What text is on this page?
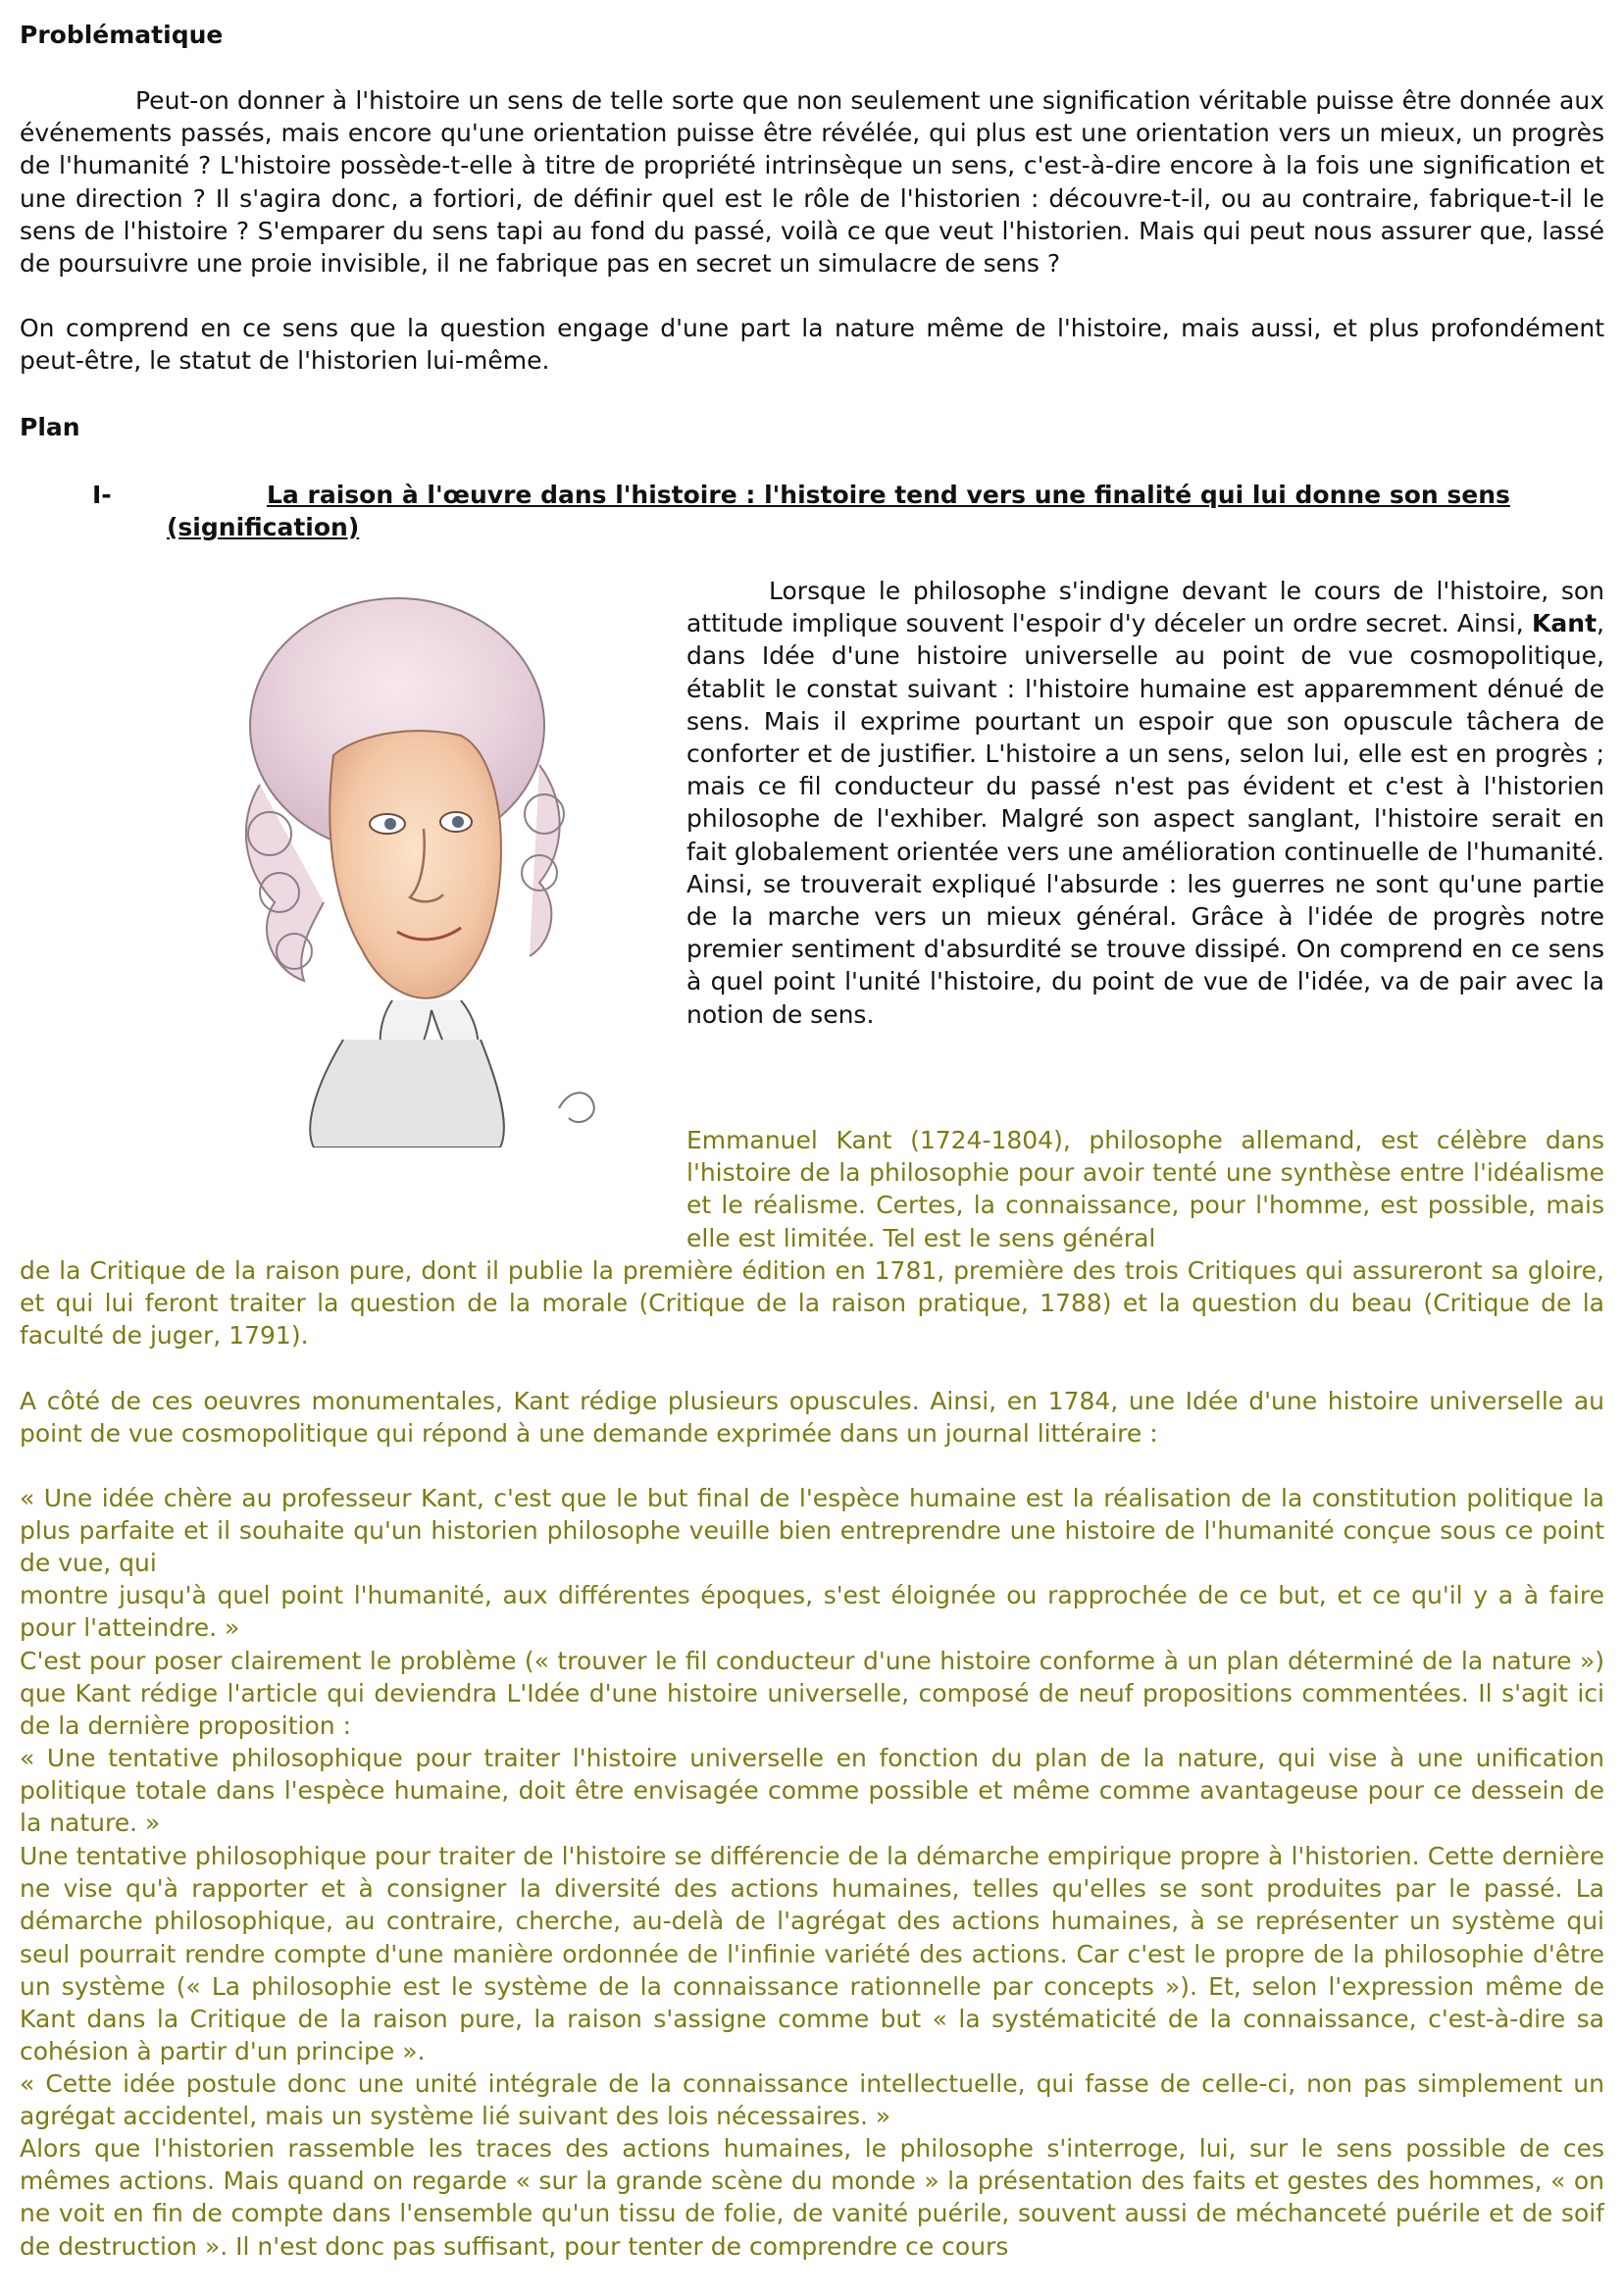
Problématique

Peut-on donner à l'histoire un sens de telle sorte que non seulement une signification véritable puisse être donnée aux événements passés, mais encore qu'une orientation puisse être révélée, qui plus est une orientation vers un mieux, un progrès de l'humanité ? L'histoire possède-t-elle à titre de propriété intrinsèque un sens, c'est-à-dire encore à la fois une signification et une direction ? Il s'agira donc, a fortiori, de définir quel est le rôle de l'historien : découvre-t-il, ou au contraire, fabrique-t-il le sens de l'histoire ? S'emparer du sens tapi au fond du passé, voilà ce que veut l'historien. Mais qui peut nous assurer que, lassé de poursuivre une proie invisible, il ne fabrique pas en secret un simulacre de sens ?

On comprend en ce sens que la question engage d'une part la nature même de l'histoire, mais aussi, et plus profondément peut-être, le statut de l'historien lui-même.

Plan
I-	La raison à l'œuvre dans l'histoire : l'histoire tend vers une finalité qui lui donne son sens (signification)

Lorsque le philosophe s'indigne devant le cours de l'histoire, son attitude implique souvent l'espoir d'y déceler un ordre secret. Ainsi, Kant, dans Idée d'une histoire universelle au point de vue cosmopolitique, établit le constat suivant : l'histoire humaine est apparemment dénué de sens. Mais il exprime pourtant un espoir que son opuscule tâchera de conforter et de justifier. L'histoire a un sens, selon lui, elle est en progrès ; mais ce fil conducteur du passé n'est pas évident et c'est à l'historien philosophe de l'exhiber. Malgré son aspect sanglant, l'histoire serait en fait globalement orientée vers une amélioration continuelle de l'humanité. Ainsi, se trouverait expliqué l'absurde : les guerres ne sont qu'une partie de la marche vers un mieux général. Grâce à l'idée de progrès notre premier sentiment d'absurdité se trouve dissipé. On comprend en ce sens à quel point l'unité l'histoire, du point de vue de l'idée, va de pair avec la notion de sens.

Emmanuel Kant (1724-1804), philosophe allemand, est célèbre dans l'histoire de la philosophie pour avoir tenté une synthèse entre l'idéalisme et le réalisme. Certes, la connaissance, pour l'homme, est possible, mais elle est limitée. Tel est le sens général

de la Critique de la raison pure, dont il publie la première édition en 1781, première des trois Critiques qui assureront sa gloire, et qui lui feront traiter la question de la morale (Critique de la raison pratique, 1788) et la question du beau (Critique de la faculté de juger, 1791).

A côté de ces oeuvres monumentales, Kant rédige plusieurs opuscules. Ainsi, en 1784, une Idée d'une histoire universelle au point de vue cosmopolitique qui répond à une demande exprimée dans un journal littéraire :

« Une idée chère au professeur Kant, c'est que le but final de l'espèce humaine est la réalisation de la constitution politique la plus parfaite et il souhaite qu'un historien philosophe veuille bien entreprendre une histoire de l'humanité conçue sous ce point de vue, qui

montre jusqu'à quel point l'humanité, aux différentes époques, s'est éloignée ou rapprochée de ce but, et ce qu'il y a à faire pour l'atteindre. »

C'est pour poser clairement le problème (« trouver le fil conducteur d'une histoire conforme à un plan déterminé de la nature ») que Kant rédige l'article qui deviendra L'Idée d'une histoire universelle, composé de neuf propositions commentées. Il s'agit ici de la dernière proposition :

« Une tentative philosophique pour traiter l'histoire universelle en fonction du plan de la nature, qui vise à une unification politique totale dans l'espèce humaine, doit être envisagée comme possible et même comme avantageuse pour ce dessein de la nature. »

Une tentative philosophique pour traiter de l'histoire se différencie de la démarche empirique propre à l'historien. Cette dernière ne vise qu'à rapporter et à consigner la diversité des actions humaines, telles qu'elles se sont produites par le passé. La démarche philosophique, au contraire, cherche, au-delà de l'agrégat des actions humaines, à se représenter un système qui seul pourrait rendre compte d'une manière ordonnée de l'infinie variété des actions. Car c'est le propre de la philosophie d'être un système (« La philosophie est le système de la connaissance rationnelle par concepts »). Et, selon l'expression même de Kant dans la Critique de la raison pure, la raison s'assigne comme but « la systématicité de la connaissance, c'est-à-dire sa cohésion à partir d'un principe ».

« Cette idée postule donc une unité intégrale de la connaissance intellectuelle, qui fasse de celle-ci, non pas simplement un agrégat accidentel, mais un système lié suivant des lois nécessaires. »

Alors que l'historien rassemble les traces des actions humaines, le philosophe s'interroge, lui, sur le sens possible de ces mêmes actions. Mais quand on regarde « sur la grande scène du monde » la présentation des faits et gestes des hommes, « on ne voit en fin de compte dans l'ensemble qu'un tissu de folie, de vanité puérile, souvent aussi de méchanceté puérile et de soif de destruction ». Il n'est donc pas suffisant, pour tenter de comprendre ce cours
